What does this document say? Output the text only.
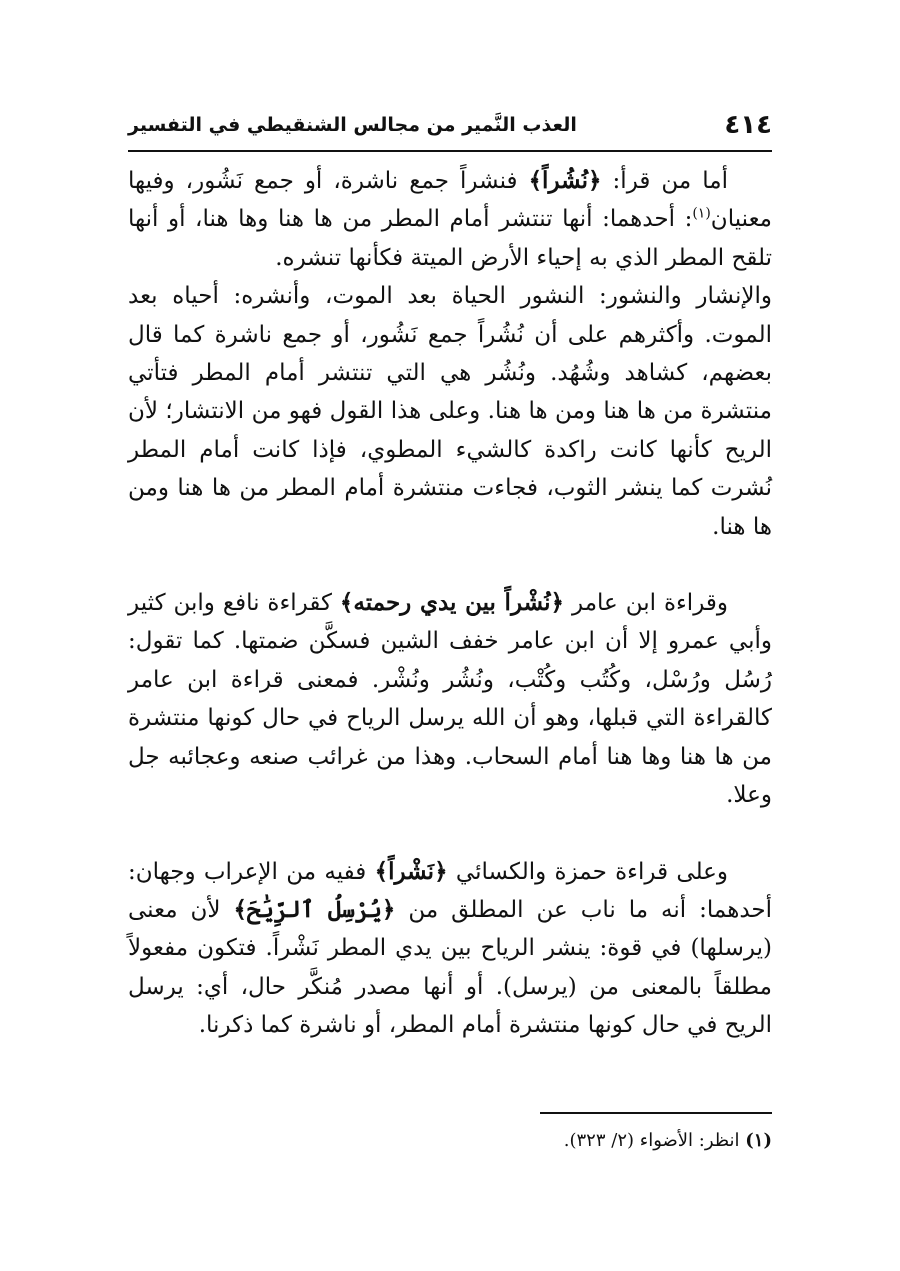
٤١٤
العذب النَّمير من مجالس الشنقيطي في التفسير

أما من قرأ: ﴿نُشُراً﴾ فنشراً جمع ناشرة، أو جمع نَشُور، وفيها معنيان$^{(١)}$: أحدهما: أنها تنتشر أمام المطر من ها هنا وها هنا، أو أنها تلقح المطر الذي به إحياء الأرض الميتة فكأنها تنشره.

والإنشار والنشور: النشور الحياة بعد الموت، وأنشره: أحياه بعد الموت. وأكثرهم على أن نُشُراً جمع نَشُور، أو جمع ناشرة كما قال بعضهم، كشاهد وشُهُد. ونُشُر هي التي تنتشر أمام المطر فتأتي منتشرة من ها هنا ومن ها هنا. وعلى هذا القول فهو من الانتشار؛ لأن الريح كأنها كانت راكدة كالشيء المطوي، فإذا كانت أمام المطر نُشرت كما ينشر الثوب، فجاءت منتشرة أمام المطر من ها هنا ومن ها هنا.

وقراءة ابن عامر ﴿نُشْراً بين يدي رحمته﴾ كقراءة نافع وابن كثير وأبي عمرو إلا أن ابن عامر خفف الشين فسكَّن ضمتها. كما تقول: رُسُل ورُسْل، وكُتُب وكُتْب، ونُشُر ونُشْر. فمعنى قراءة ابن عامر كالقراءة التي قبلها، وهو أن الله يرسل الرياح في حال كونها منتشرة من ها هنا وها هنا أمام السحاب. وهذا من غرائب صنعه وعجائبه جل وعلا.

وعلى قراءة حمزة والكسائي ﴿نَشْراً﴾ ففيه من الإعراب وجهان: أحدهما: أنه ما ناب عن المطلق من ﴿يُرْسِلُ ٱلرِّيَٰحَ﴾ لأن معنى (يرسلها) في قوة: ينشر الرياح بين يدي المطر نَشْراً. فتكون مفعولاً مطلقاً بالمعنى من (يرسل). أو أنها مصدر مُنكَّر حال، أي: يرسل الريح في حال كونها منتشرة أمام المطر، أو ناشرة كما ذكرنا.

(١) انظر: الأضواء (٢/ ٣٢٣).
